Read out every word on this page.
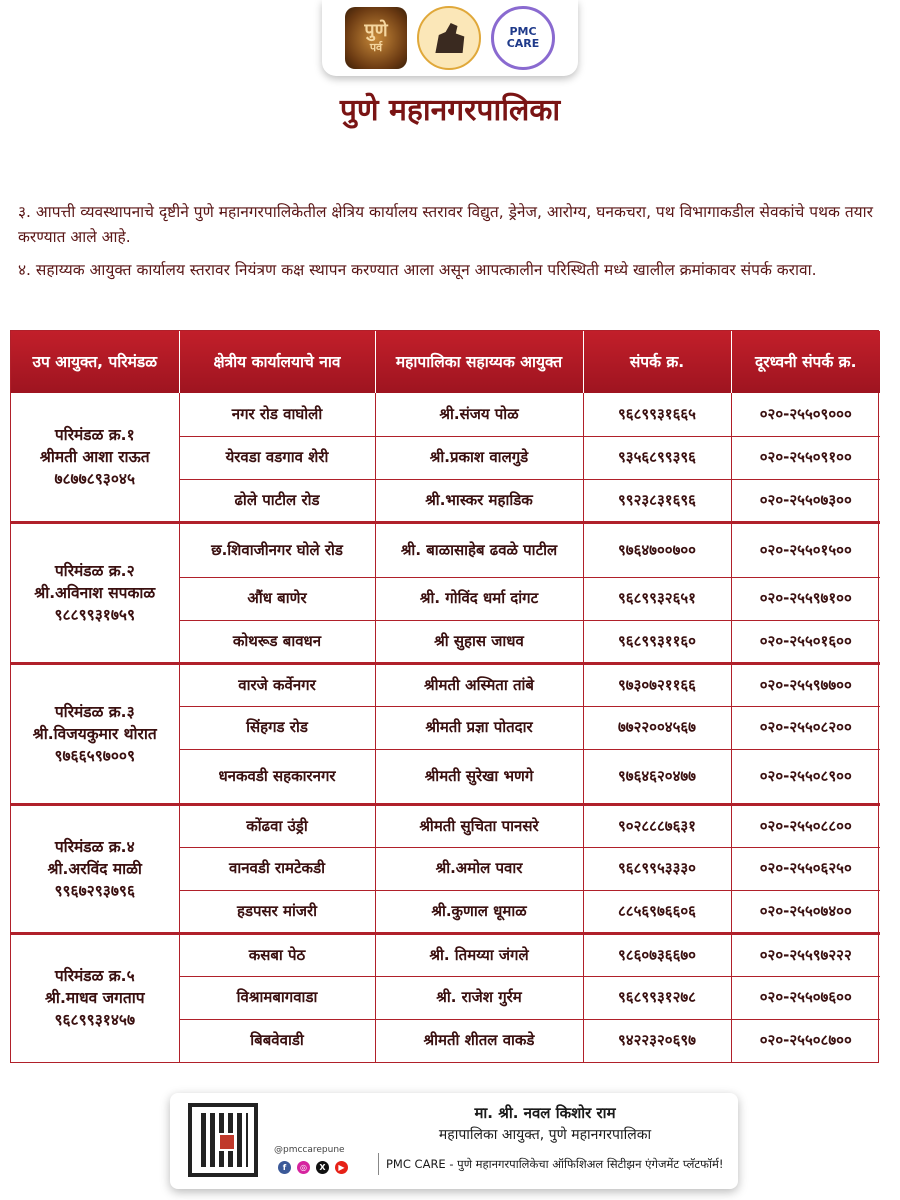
पुणे
पर्व
PMC
CARE
पुणे महानगरपालिका

३. आपत्ती व्यवस्थापनाचे दृष्टीने पुणे महानगरपालिकेतील क्षेत्रिय कार्यालय स्तरावर विद्युत, ड्रेनेज, आरोग्य, घनकचरा, पथ विभागाकडील सेवकांचे पथक तयार करण्यात आले आहे.

४. सहाय्यक आयुक्त कार्यालय स्तरावर नियंत्रण कक्ष स्थापन करण्यात आला असून आपत्कालीन परिस्थिती मध्ये खालील क्रमांकावर संपर्क करावा.

उप आयुक्त, परिमंडळ	क्षेत्रीय कार्यालयाचे नाव	महापालिका सहाय्यक आयुक्त	संपर्क क्र.	दूरध्वनी संपर्क क्र.

परिमंडळ क्र.१
श्रीमती आशा राऊत
७८७७८९३०४५	नगर रोड वाघोली	श्री.संजय पोळ	९६८९९३१६६५	०२०-२५५०९०००
	येरवडा वडगाव शेरी	श्री.प्रकाश वालगुडे	९३५६८९९३९६	०२०-२५५०९१००
	ढोले पाटील रोड	श्री.भास्कर महाडिक	९९२३८३१६९६	०२०-२५५०७३००

परिमंडळ क्र.२
श्री.अविनाश सपकाळ
९८८९९३१७५९	छ.शिवाजीनगर घोले रोड	श्री. बाळासाहेब ढवळे पाटील	९७६४७००७००	०२०-२५५०१५००
	औंध बाणेर	श्री. गोविंद धर्मा दांगट	९६८९९३२६५१	०२०-२५५९७१००
	कोथरूड बावधन	श्री सुहास जाधव	९६८९९३११६०	०२०-२५५०१६००

परिमंडळ क्र.३
श्री.विजयकुमार थोरात
९७६६५९७००९	वारजे कर्वेनगर	श्रीमती अस्मिता तांबे	९७३०७२११६६	०२०-२५५९७७००
	सिंहगड रोड	श्रीमती प्रज्ञा पोतदार	७७२२००४५६७	०२०-२५५०८२००
	धनकवडी सहकारनगर	श्रीमती सुरेखा भणगे	९७६४६२०४७७	०२०-२५५०८९००

परिमंडळ क्र.४
श्री.अरविंद माळी
९९६७२९३७९६	कोंढवा उंड्री	श्रीमती सुचिता पानसरे	९०२८८८७६३१	०२०-२५५०८८००
	वानवडी रामटेकडी	श्री.अमोल पवार	९६८९९५३३३०	०२०-२५५०६२५०
	हडपसर मांजरी	श्री.कुणाल धूमाळ	८८५६९७६६०६	०२०-२५५०७४००

परिमंडळ क्र.५
श्री.माधव जगताप
९६८९९३१४५७	कसबा पेठ	श्री. तिमय्या जंगले	९८६०७३६६७०	०२०-२५५९७२२२
	विश्रामबागवाडा	श्री. राजेश गुर्रम	९६८९९३१२७८	०२०-२५५०७६००
	बिबवेवाडी	श्रीमती शीतल वाकडे	९४२२३२०६९७	०२०-२५५०८७००
@pmccarepune
f	◎	X	▶
मा. श्री. नवल किशोर राम
महापालिका आयुक्त, पुणे महानगरपालिका
PMC CARE - पुणे महानगरपालिकेचा ऑफिशिअल सिटीझन एंगेजमेंट प्लॅटफॉर्म!
